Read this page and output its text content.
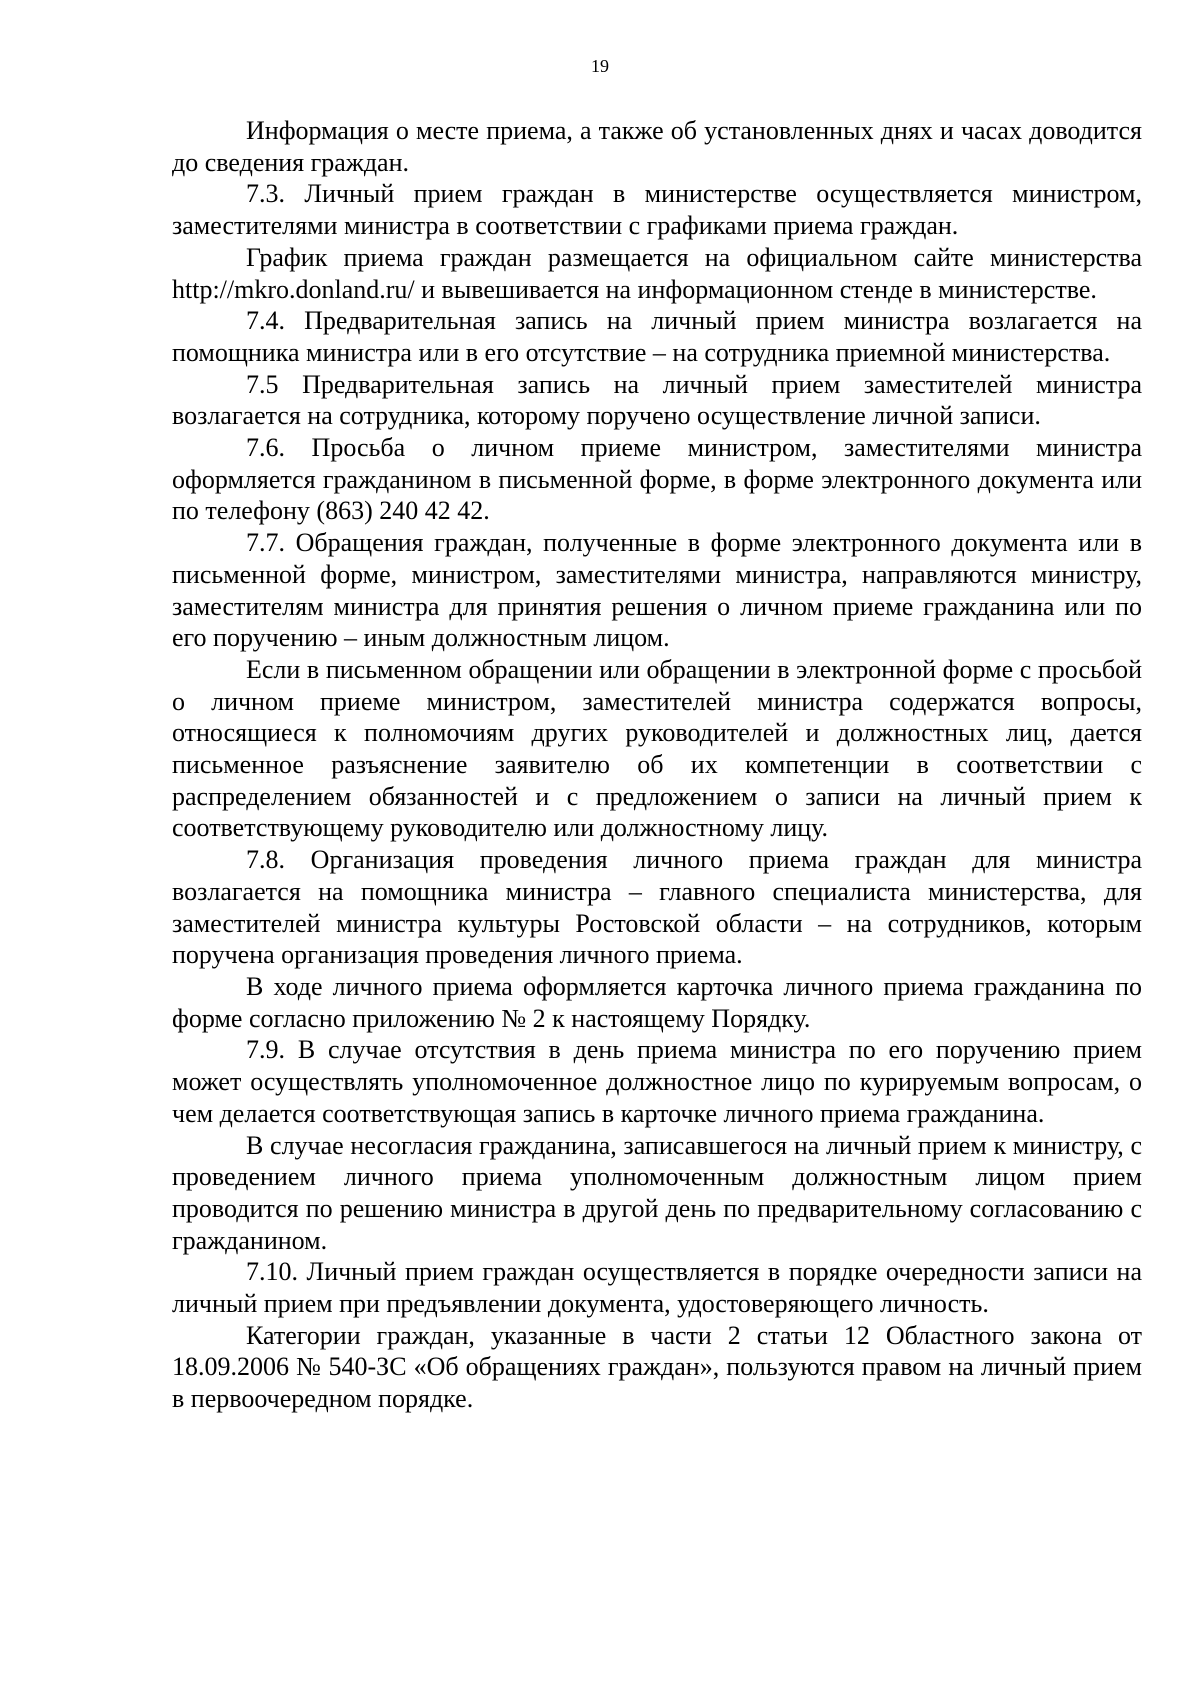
19

Информация о месте приема, а также об установленных днях и часах доводится до сведения граждан.

7.3. Личный прием граждан в министерстве осуществляется министром, заместителями министра в соответствии с графиками приема граждан.

График приема граждан размещается на официальном сайте министерства http://mkro.donland.ru/ и вывешивается на информационном стенде в министерстве.

7.4. Предварительная запись на личный прием министра возлагается на помощника министра или в его отсутствие – на сотрудника приемной министерства.

7.5 Предварительная запись на личный прием заместителей министра возлагается на сотрудника, которому поручено осуществление личной записи.

7.6. Просьба о личном приеме министром, заместителями министра оформляется гражданином в письменной форме, в форме электронного документа или по телефону (863) 240 42 42.

7.7. Обращения граждан, полученные в форме электронного документа или в письменной форме, министром, заместителями министра, направляются министру, заместителям министра для принятия решения о личном приеме гражданина или по его поручению – иным должностным лицом.

Если в письменном обращении или обращении в электронной форме с просьбой о личном приеме министром, заместителей министра содержатся вопросы, относящиеся к полномочиям других руководителей и должностных лиц, дается письменное разъяснение заявителю об их компетенции в соответствии с распределением обязанностей и с предложением о записи на личный прием к соответствующему руководителю или должностному лицу.

7.8. Организация проведения личного приема граждан для министра возлагается на помощника министра – главного специалиста министерства, для заместителей министра культуры Ростовской области – на сотрудников, которым поручена организация проведения личного приема.

В ходе личного приема оформляется карточка личного приема гражданина по форме согласно приложению № 2 к настоящему Порядку.

7.9. В случае отсутствия в день приема министра по его поручению прием может осуществлять уполномоченное должностное лицо по курируемым вопросам, о чем делается соответствующая запись в карточке личного приема гражданина.

В случае несогласия гражданина, записавшегося на личный прием к министру, с проведением личного приема уполномоченным должностным лицом прием проводится по решению министра в другой день по предварительному согласованию с гражданином.

7.10. Личный прием граждан осуществляется в порядке очередности записи на личный прием при предъявлении документа, удостоверяющего личность.

Категории граждан, указанные в части 2 статьи 12 Областного закона от 18.09.2006 № 540-ЗС «Об обращениях граждан», пользуются правом на личный прием в первоочередном порядке.
